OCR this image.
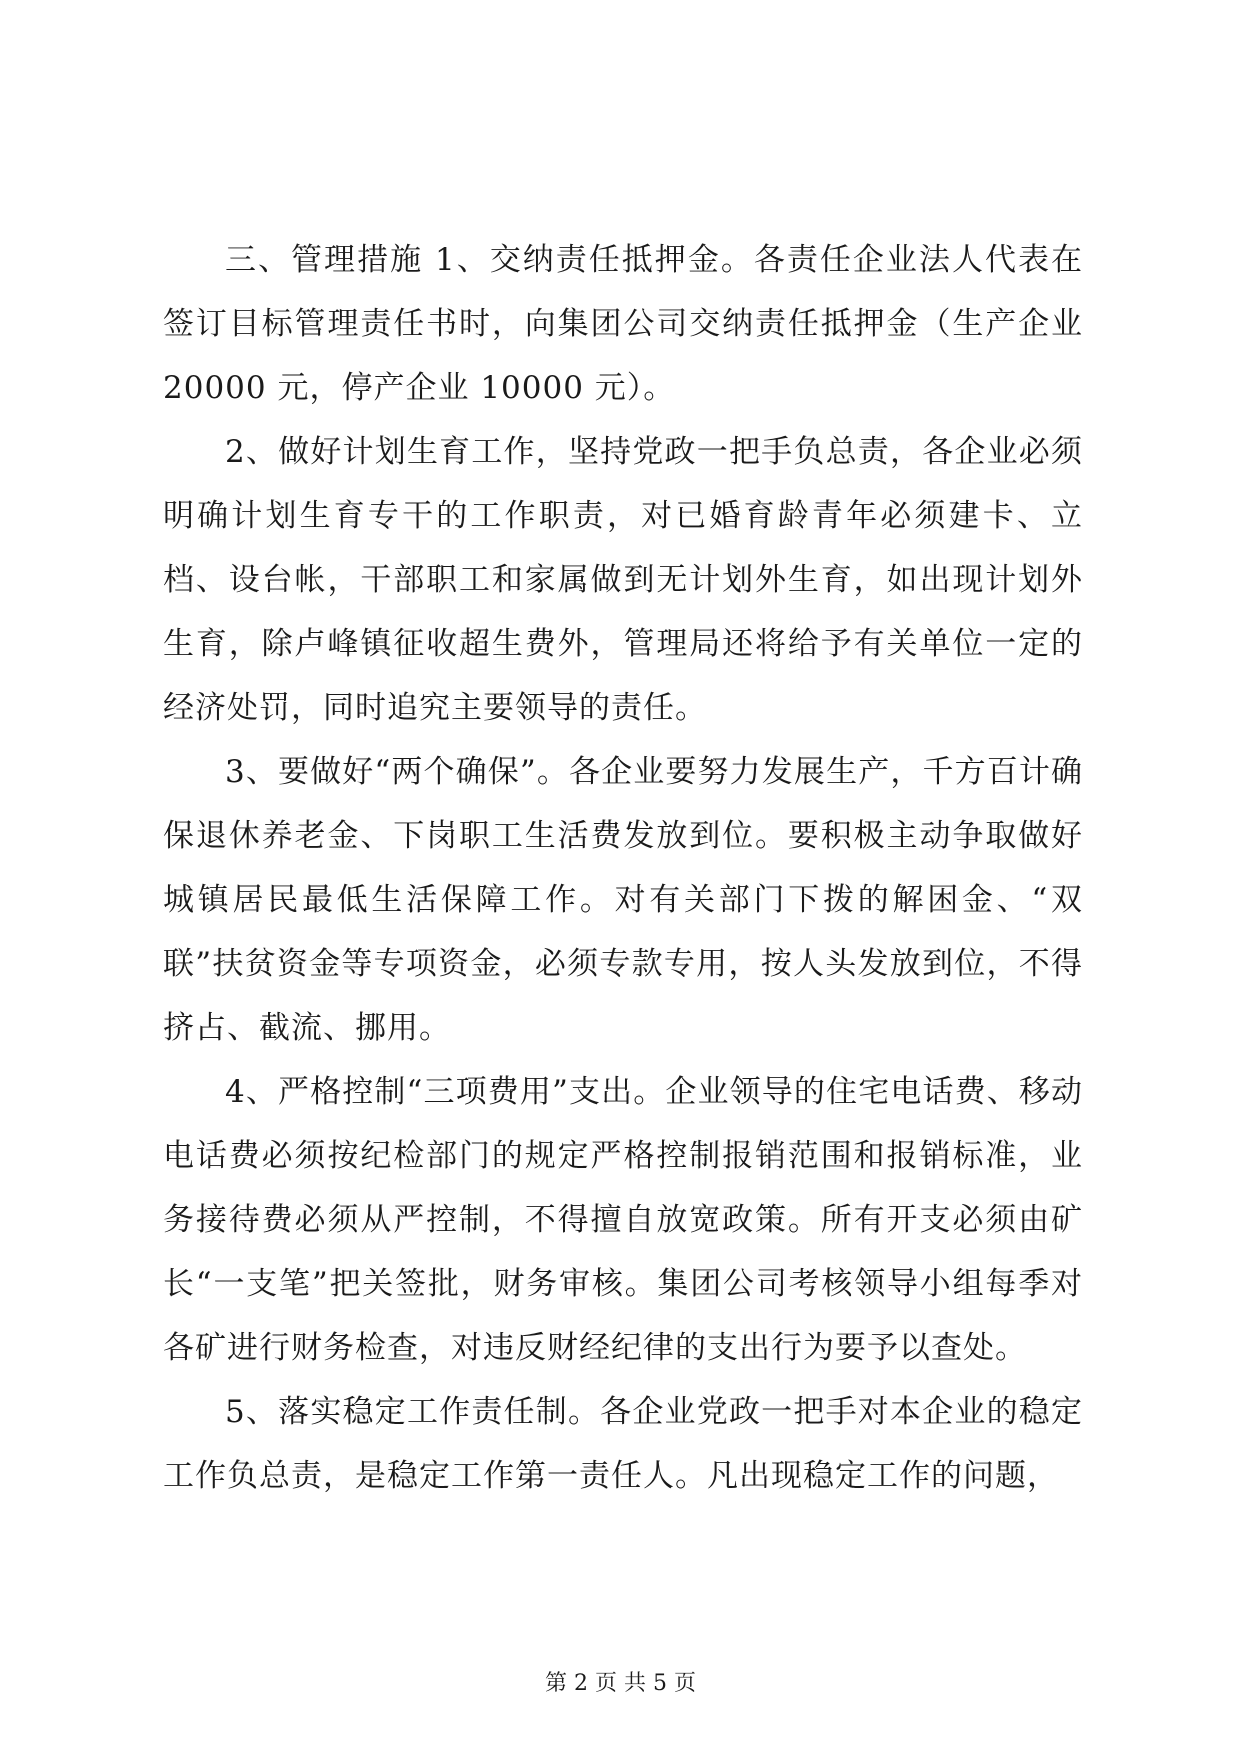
三、管理措施 1、交纳责任抵押金。各责任企业法人代表在签订目标管理责任书时，向集团公司交纳责任抵押金（生产企业 20000 元，停产企业 10000 元）。

2、做好计划生育工作，坚持党政一把手负总责，各企业必须明确计划生育专干的工作职责，对已婚育龄青年必须建卡、立档、设台帐，干部职工和家属做到无计划外生育，如出现计划外生育，除卢峰镇征收超生费外，管理局还将给予有关单位一定的经济处罚，同时追究主要领导的责任。

3、要做好“两个确保”。各企业要努力发展生产，千方百计确保退休养老金、下岗职工生活费发放到位。要积极主动争取做好城镇居民最低生活保障工作。对有关部门下拨的解困金、“双联”扶贫资金等专项资金，必须专款专用，按人头发放到位，不得挤占、截流、挪用。

4、严格控制“三项费用”支出。企业领导的住宅电话费、移动电话费必须按纪检部门的规定严格控制报销范围和报销标准，业务接待费必须从严控制，不得擅自放宽政策。所有开支必须由矿长“一支笔”把关签批，财务审核。集团公司考核领导小组每季对各矿进行财务检查，对违反财经纪律的支出行为要予以查处。

5、落实稳定工作责任制。各企业党政一把手对本企业的稳定工作负总责，是稳定工作第一责任人。凡出现稳定工作的问题，

第 2 页 共 5 页
